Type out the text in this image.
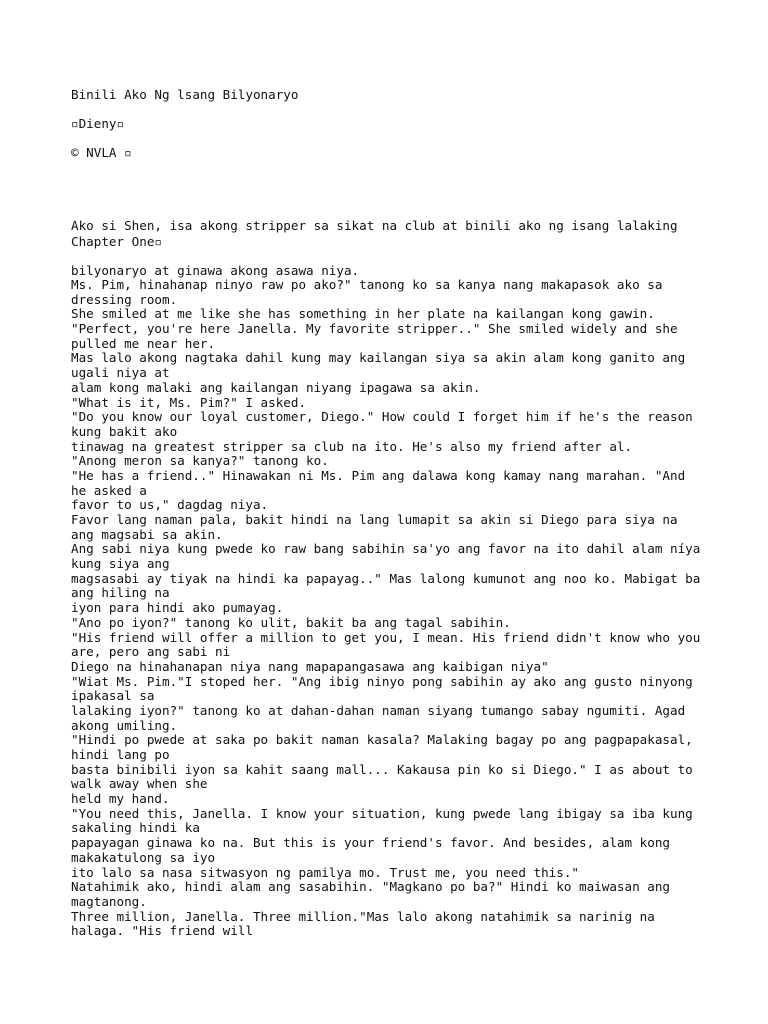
Binili Ako Ng lsang Bilyonaryo
▫Dieny▫
© NVLA ▫

Ako si Shen, isa akong stripper sa sikat na club at binili ako ng isang lalaking

bilyonaryo at ginawa akong asawa niya.

Chapter One▫
Ms. Pim, hinahanap ninyo raw po ako?" tanong ko sa kanya nang makapasok ako sa
dressing room.
She smiled at me like she has something in her plate na kailangan kong gawin.
"Perfect, you're here Janella. My favorite stripper.." She smiled widely and she
pulled me near her.
Mas lalo akong nagtaka dahil kung may kailangan siya sa akin alam kong ganito ang
ugali niya at
alam kong malaki ang kailangan niyang ipagawa sa akin.
"What is it, Ms. Pim?" I asked.
"Do you know our loyal customer, Diego." How could I forget him if he's the reason
kung bakit ako
tinawag na greatest stripper sa club na ito. He's also my friend after al.
"Anong meron sa kanya?" tanong ko.
"He has a friend.." Hinawakan ni Ms. Pim ang dalawa kong kamay nang marahan. "And
he asked a
favor to us," dagdag niya.
Favor lang naman pala, bakit hindi na lang lumapit sa akin si Diego para siya na
ang magsabi sa akin.
Ang sabi niya kung pwede ko raw bang sabihin sa'yo ang favor na ito dahil alam níya
kung siya ang
magsasabi ay tiyak na hindi ka papayag.." Mas lalong kumunot ang noo ko. Mabigat ba
ang hiling na
iyon para hindi ako pumayag.
"Ano po iyon?" tanong ko ulit, bakit ba ang tagal sabihin.
"His friend will offer a million to get you, I mean. His friend didn't know who you
are, pero ang sabi ni
Diego na hinahanapan niya nang mapapangasawa ang kaibigan niya"
"Wiat Ms. Pim."I stoped her. "Ang ibig ninyo pong sabihin ay ako ang gusto ninyong
ipakasal sa
lalaking iyon?" tanong ko at dahan-dahan naman siyang tumango sabay ngumiti. Agad
akong umiling.
"Hindi po pwede at saka po bakit naman kasala? Malaking bagay po ang pagpapakasal,
hindi lang po
basta binibili iyon sa kahit saang mall... Kakausa pin ko si Diego." I as about to
walk away when she
held my hand.
"You need this, Janella. I know your situation, kung pwede lang ibigay sa iba kung
sakaling hindi ka
papayagan ginawa ko na. But this is your friend's favor. And besides, alam kong
makakatulong sa iyo
ito lalo sa nasa sitwasyon ng pamilya mo. Trust me, you need this."
Natahimik ako, hindi alam ang sasabihin. "Magkano po ba?" Hindi ko maiwasan ang
magtanong.
Three million, Janella. Three million."Mas lalo akong natahimik sa narinig na
halaga. "His friend will
